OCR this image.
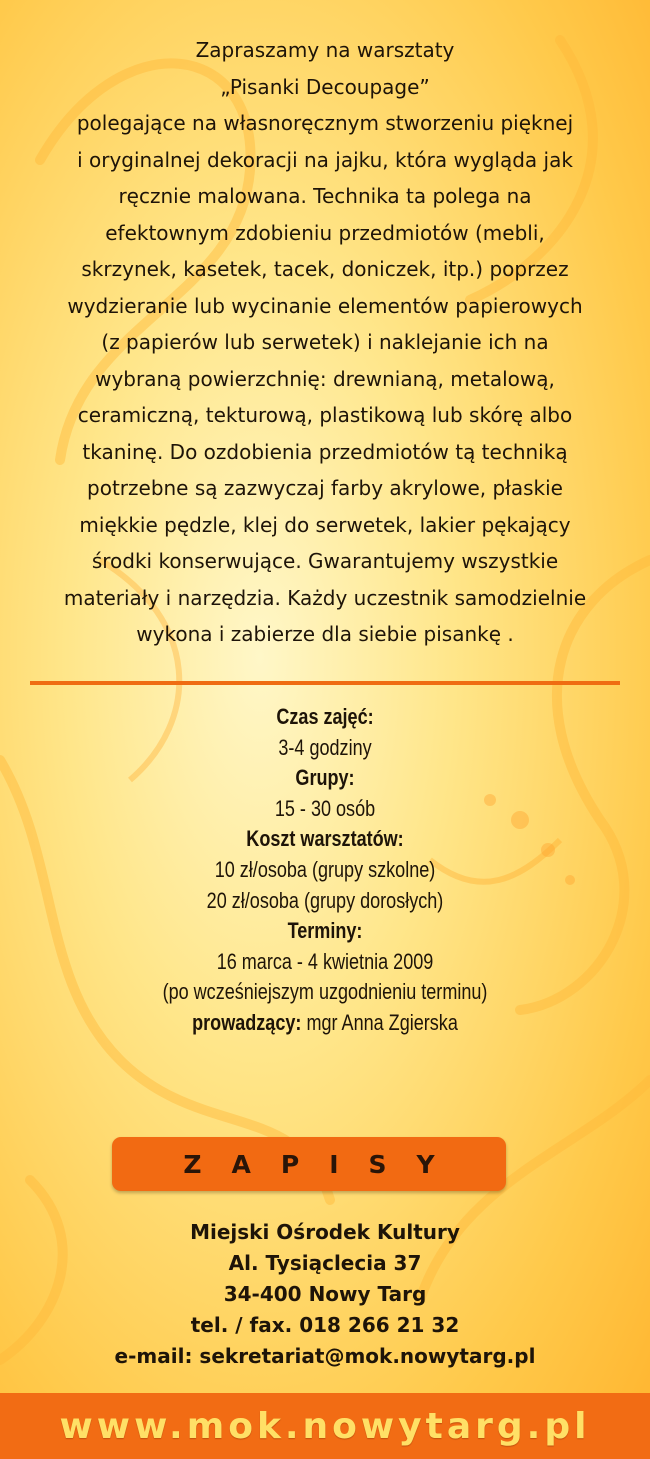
Zapraszamy na warsztaty

„Pisanki Decoupage”

polegające na własnoręcznym stworzeniu pięknej

i oryginalnej dekoracji na jajku, która wygląda jak

ręcznie malowana. Technika ta polega na

efektownym zdobieniu przedmiotów (mebli,

skrzynek, kasetek, tacek, doniczek, itp.) poprzez

wydzieranie lub wycinanie elementów papierowych

(z papierów lub serwetek) i naklejanie ich na

wybraną powierzchnię: drewnianą, metalową,

ceramiczną, tekturową, plastikową lub skórę albo

tkaninę. Do ozdobienia przedmiotów tą techniką

potrzebne są zazwyczaj farby akrylowe, płaskie

miękkie pędzle, klej do serwetek, lakier pękający

środki konserwujące. Gwarantujemy wszystkie

materiały i narzędzia. Każdy uczestnik samodzielnie

wykona i zabierze dla siebie pisankę .

Czas zajęć:
3-4 godziny
Grupy:
15 - 30 osób
Koszt warsztatów:
10 zł/osoba (grupy szkolne)
20 zł/osoba (grupy dorosłych)
Terminy:
16 marca - 4 kwietnia 2009
(po wcześniejszym uzgodnieniu terminu)
prowadzący: mgr Anna Zgierska
ZAPISY
Miejski Ośrodek Kultury
Al. Tysiąclecia 37
34-400 Nowy Targ
tel. / fax. 018 266 21 32
e-mail: sekretariat@mok.nowytarg.pl
www.mok.nowytarg.pl
